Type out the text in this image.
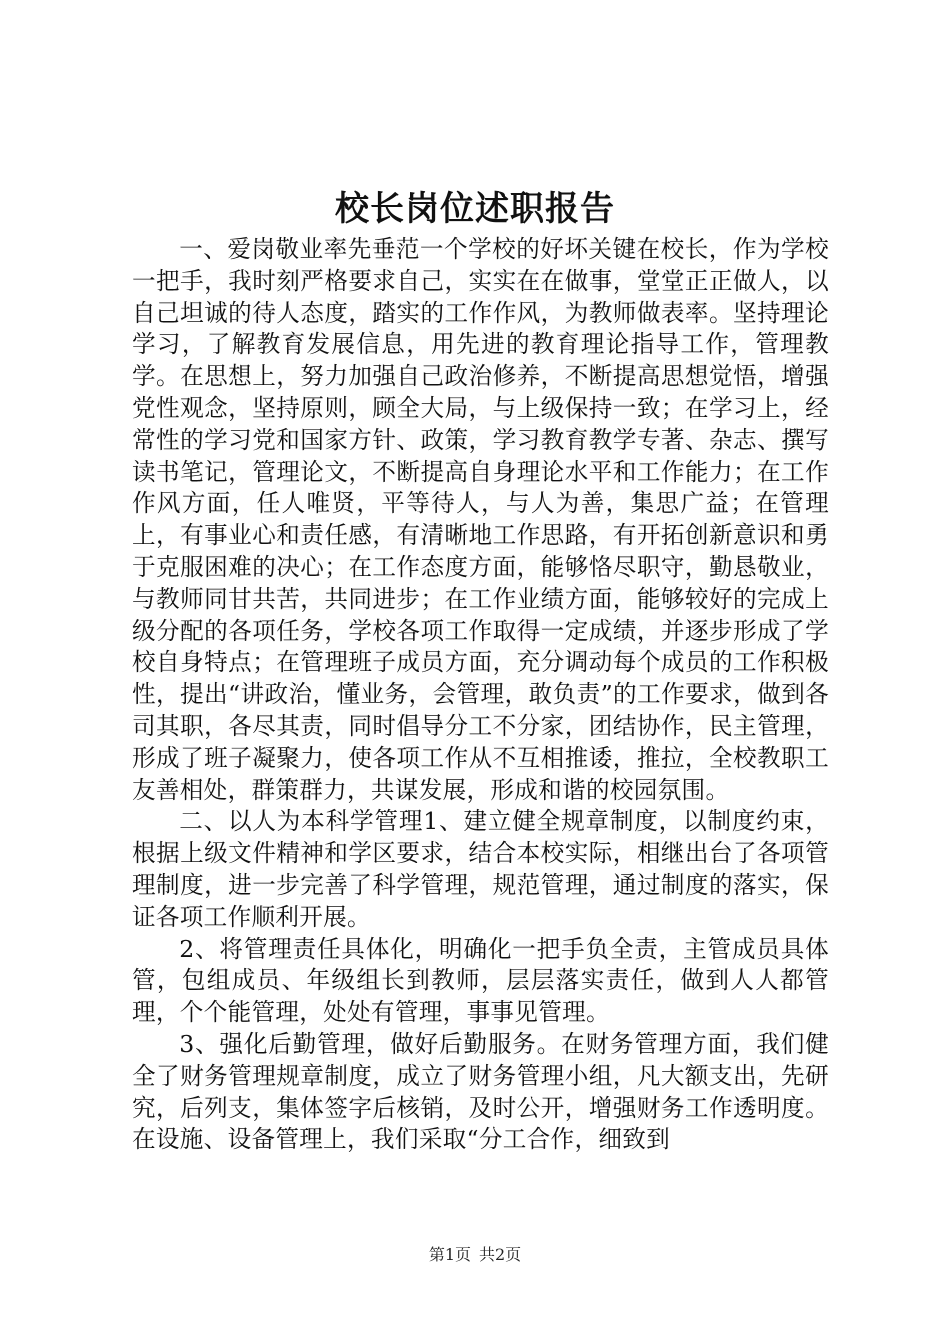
校长岗位述职报告

一、爱岗敬业率先垂范一个学校的好坏关键在校长，作为学校一把手，我时刻严格要求自己，实实在在做事，堂堂正正做人，以自己坦诚的待人态度，踏实的工作作风，为教师做表率。坚持理论学习，了解教育发展信息，用先进的教育理论指导工作，管理教学。在思想上，努力加强自己政治修养，不断提高思想觉悟，增强党性观念，坚持原则，顾全大局，与上级保持一致；在学习上，经常性的学习党和国家方针、政策，学习教育教学专著、杂志、撰写读书笔记，管理论文，不断提高自身理论水平和工作能力；在工作作风方面，任人唯贤，平等待人，与人为善，集思广益；在管理上，有事业心和责任感，有清晰地工作思路，有开拓创新意识和勇于克服困难的决心；在工作态度方面，能够恪尽职守，勤恳敬业，与教师同甘共苦，共同进步；在工作业绩方面，能够较好的完成上级分配的各项任务，学校各项工作取得一定成绩，并逐步形成了学校自身特点；在管理班子成员方面，充分调动每个成员的工作积极性，提出“讲政治，懂业务，会管理，敢负责”的工作要求，做到各司其职，各尽其责，同时倡导分工不分家，团结协作，民主管理，形成了班子凝聚力，使各项工作从不互相推诿，推拉，全校教职工友善相处，群策群力，共谋发展，形成和谐的校园氛围。

二、以人为本科学管理1、建立健全规章制度，以制度约束，根据上级文件精神和学区要求，结合本校实际，相继出台了各项管理制度，进一步完善了科学管理，规范管理，通过制度的落实，保证各项工作顺利开展。

2、将管理责任具体化，明确化一把手负全责，主管成员具体管，包组成员、年级组长到教师，层层落实责任，做到人人都管理，个个能管理，处处有管理，事事见管理。

3、强化后勤管理，做好后勤服务。在财务管理方面，我们健全了财务管理规章制度，成立了财务管理小组，凡大额支出，先研究，后列支，集体签字后核销，及时公开，增强财务工作透明度。在设施、设备管理上，我们采取“分工合作，细致到

第1页 共2页
